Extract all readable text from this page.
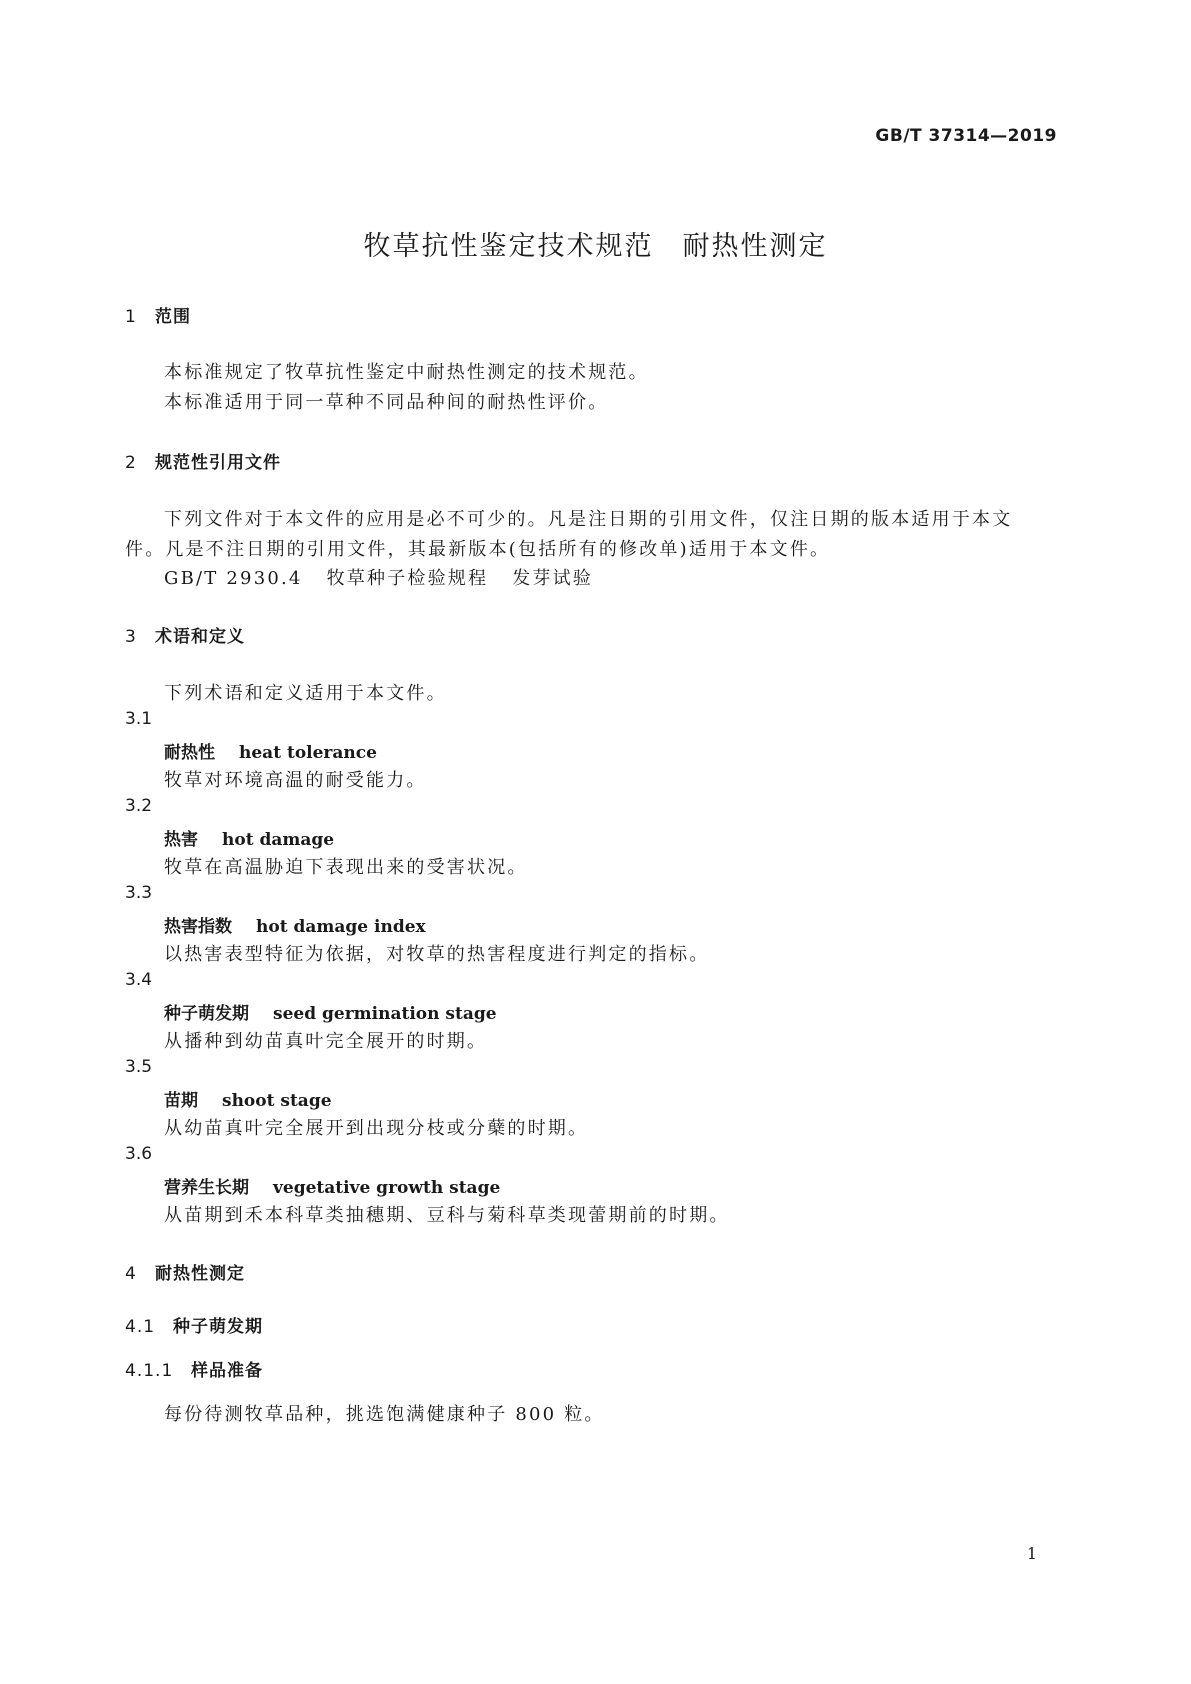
GB/T 37314—2019
牧草抗性鉴定技术规范　耐热性测定
1 范围
本标准规定了牧草抗性鉴定中耐热性测定的技术规范。
本标准适用于同一草种不同品种间的耐热性评价。
2 规范性引用文件
下列文件对于本文件的应用是必不可少的。凡是注日期的引用文件，仅注日期的版本适用于本文
件。凡是不注日期的引用文件，其最新版本(包括所有的修改单)适用于本文件。
GB/T 2930.4 牧草种子检验规程 发芽试验
3 术语和定义
下列术语和定义适用于本文件。
3.1
耐热性 heat tolerance
牧草对环境高温的耐受能力。
3.2
热害 hot damage
牧草在高温胁迫下表现出来的受害状况。
3.3
热害指数 hot damage index
以热害表型特征为依据，对牧草的热害程度进行判定的指标。
3.4
种子萌发期 seed germination stage
从播种到幼苗真叶完全展开的时期。
3.5
苗期 shoot stage
从幼苗真叶完全展开到出现分枝或分蘖的时期。
3.6
营养生长期 vegetative growth stage
从苗期到禾本科草类抽穗期、豆科与菊科草类现蕾期前的时期。
4 耐热性测定
4.1 种子萌发期
4.1.1 样品准备
每份待测牧草品种，挑选饱满健康种子 800 粒。
1
